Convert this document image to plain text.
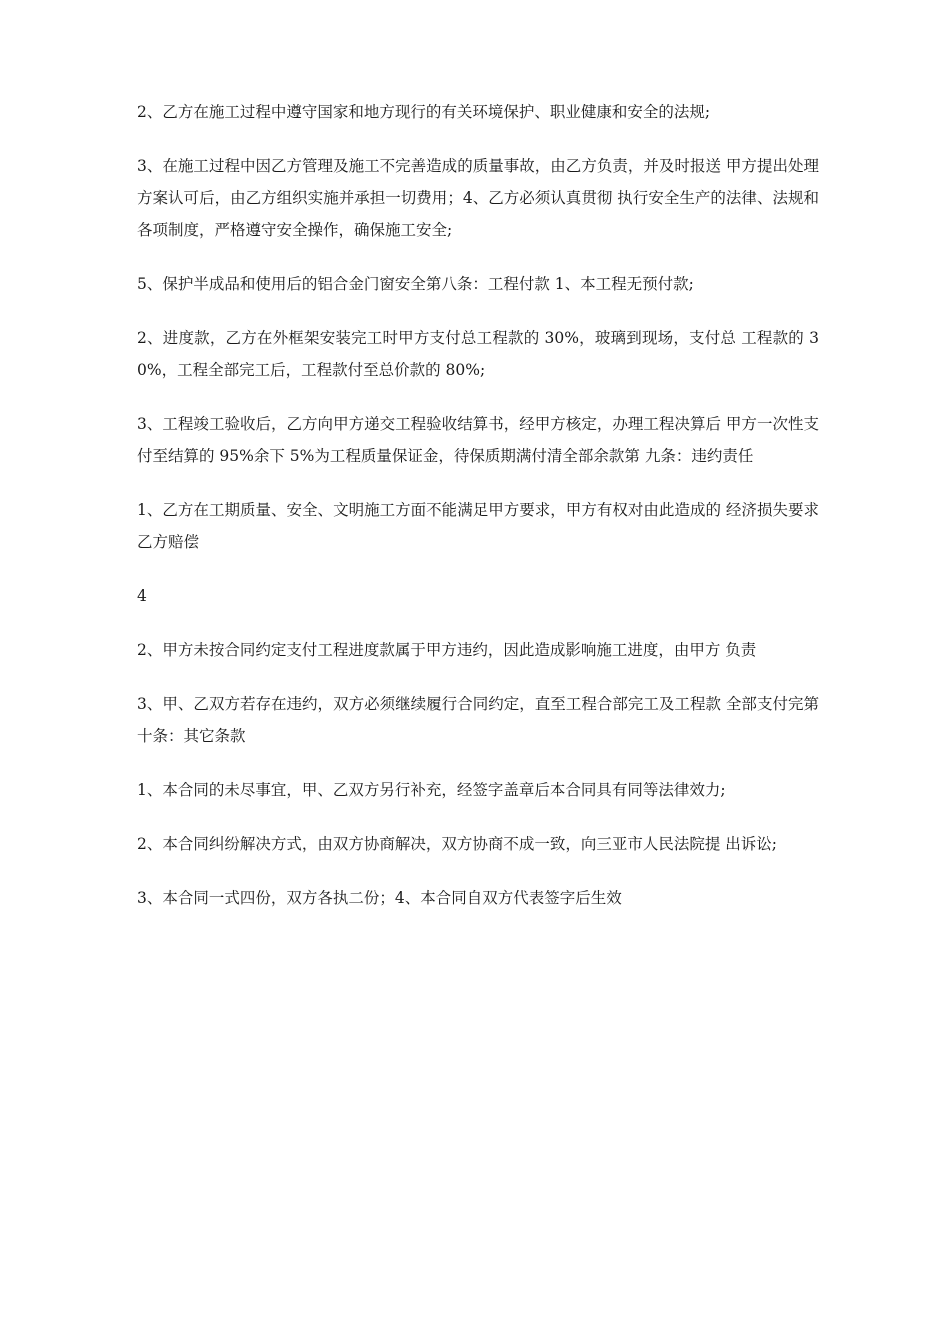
2、乙方在施工过程中遵守国家和地方现行的有关环境保护、职业健康和安全的法规;

3、在施工过程中因乙方管理及施工不完善造成的质量事故，由乙方负责，并及时报送 甲方提出处理方案认可后，由乙方组织实施并承担一切费用；4、乙方必须认真贯彻 执行安全生产的法律、法规和各项制度，严格遵守安全操作，确保施工安全;

5、保护半成品和使用后的铝合金门窗安全第八条：工程付款 1、本工程无预付款;

2、进度款，乙方在外框架安装完工时甲方支付总工程款的 30%，玻璃到现场，支付总 工程款的 30%，工程全部完工后，工程款付至总价款的 80%;

3、工程竣工验收后，乙方向甲方递交工程验收结算书，经甲方核定，办理工程决算后 甲方一次性支付至结算的 95%余下 5%为工程质量保证金，待保质期满付清全部余款第 九条：违约责任

1、乙方在工期质量、安全、文明施工方面不能满足甲方要求，甲方有权对由此造成的 经济损失要求乙方赔偿

4

2、甲方未按合同约定支付工程进度款属于甲方违约，因此造成影响施工进度，由甲方 负责

3、甲、乙双方若存在违约，双方必须继续履行合同约定，直至工程合部完工及工程款 全部支付完第十条：其它条款

1、本合同的未尽事宜，甲、乙双方另行补充，经签字盖章后本合同具有同等法律效力;

2、本合同纠纷解决方式，由双方协商解决，双方协商不成一致，向三亚市人民法院提 出诉讼;

3、本合同一式四份，双方各执二份；4、本合同自双方代表签字后生效
